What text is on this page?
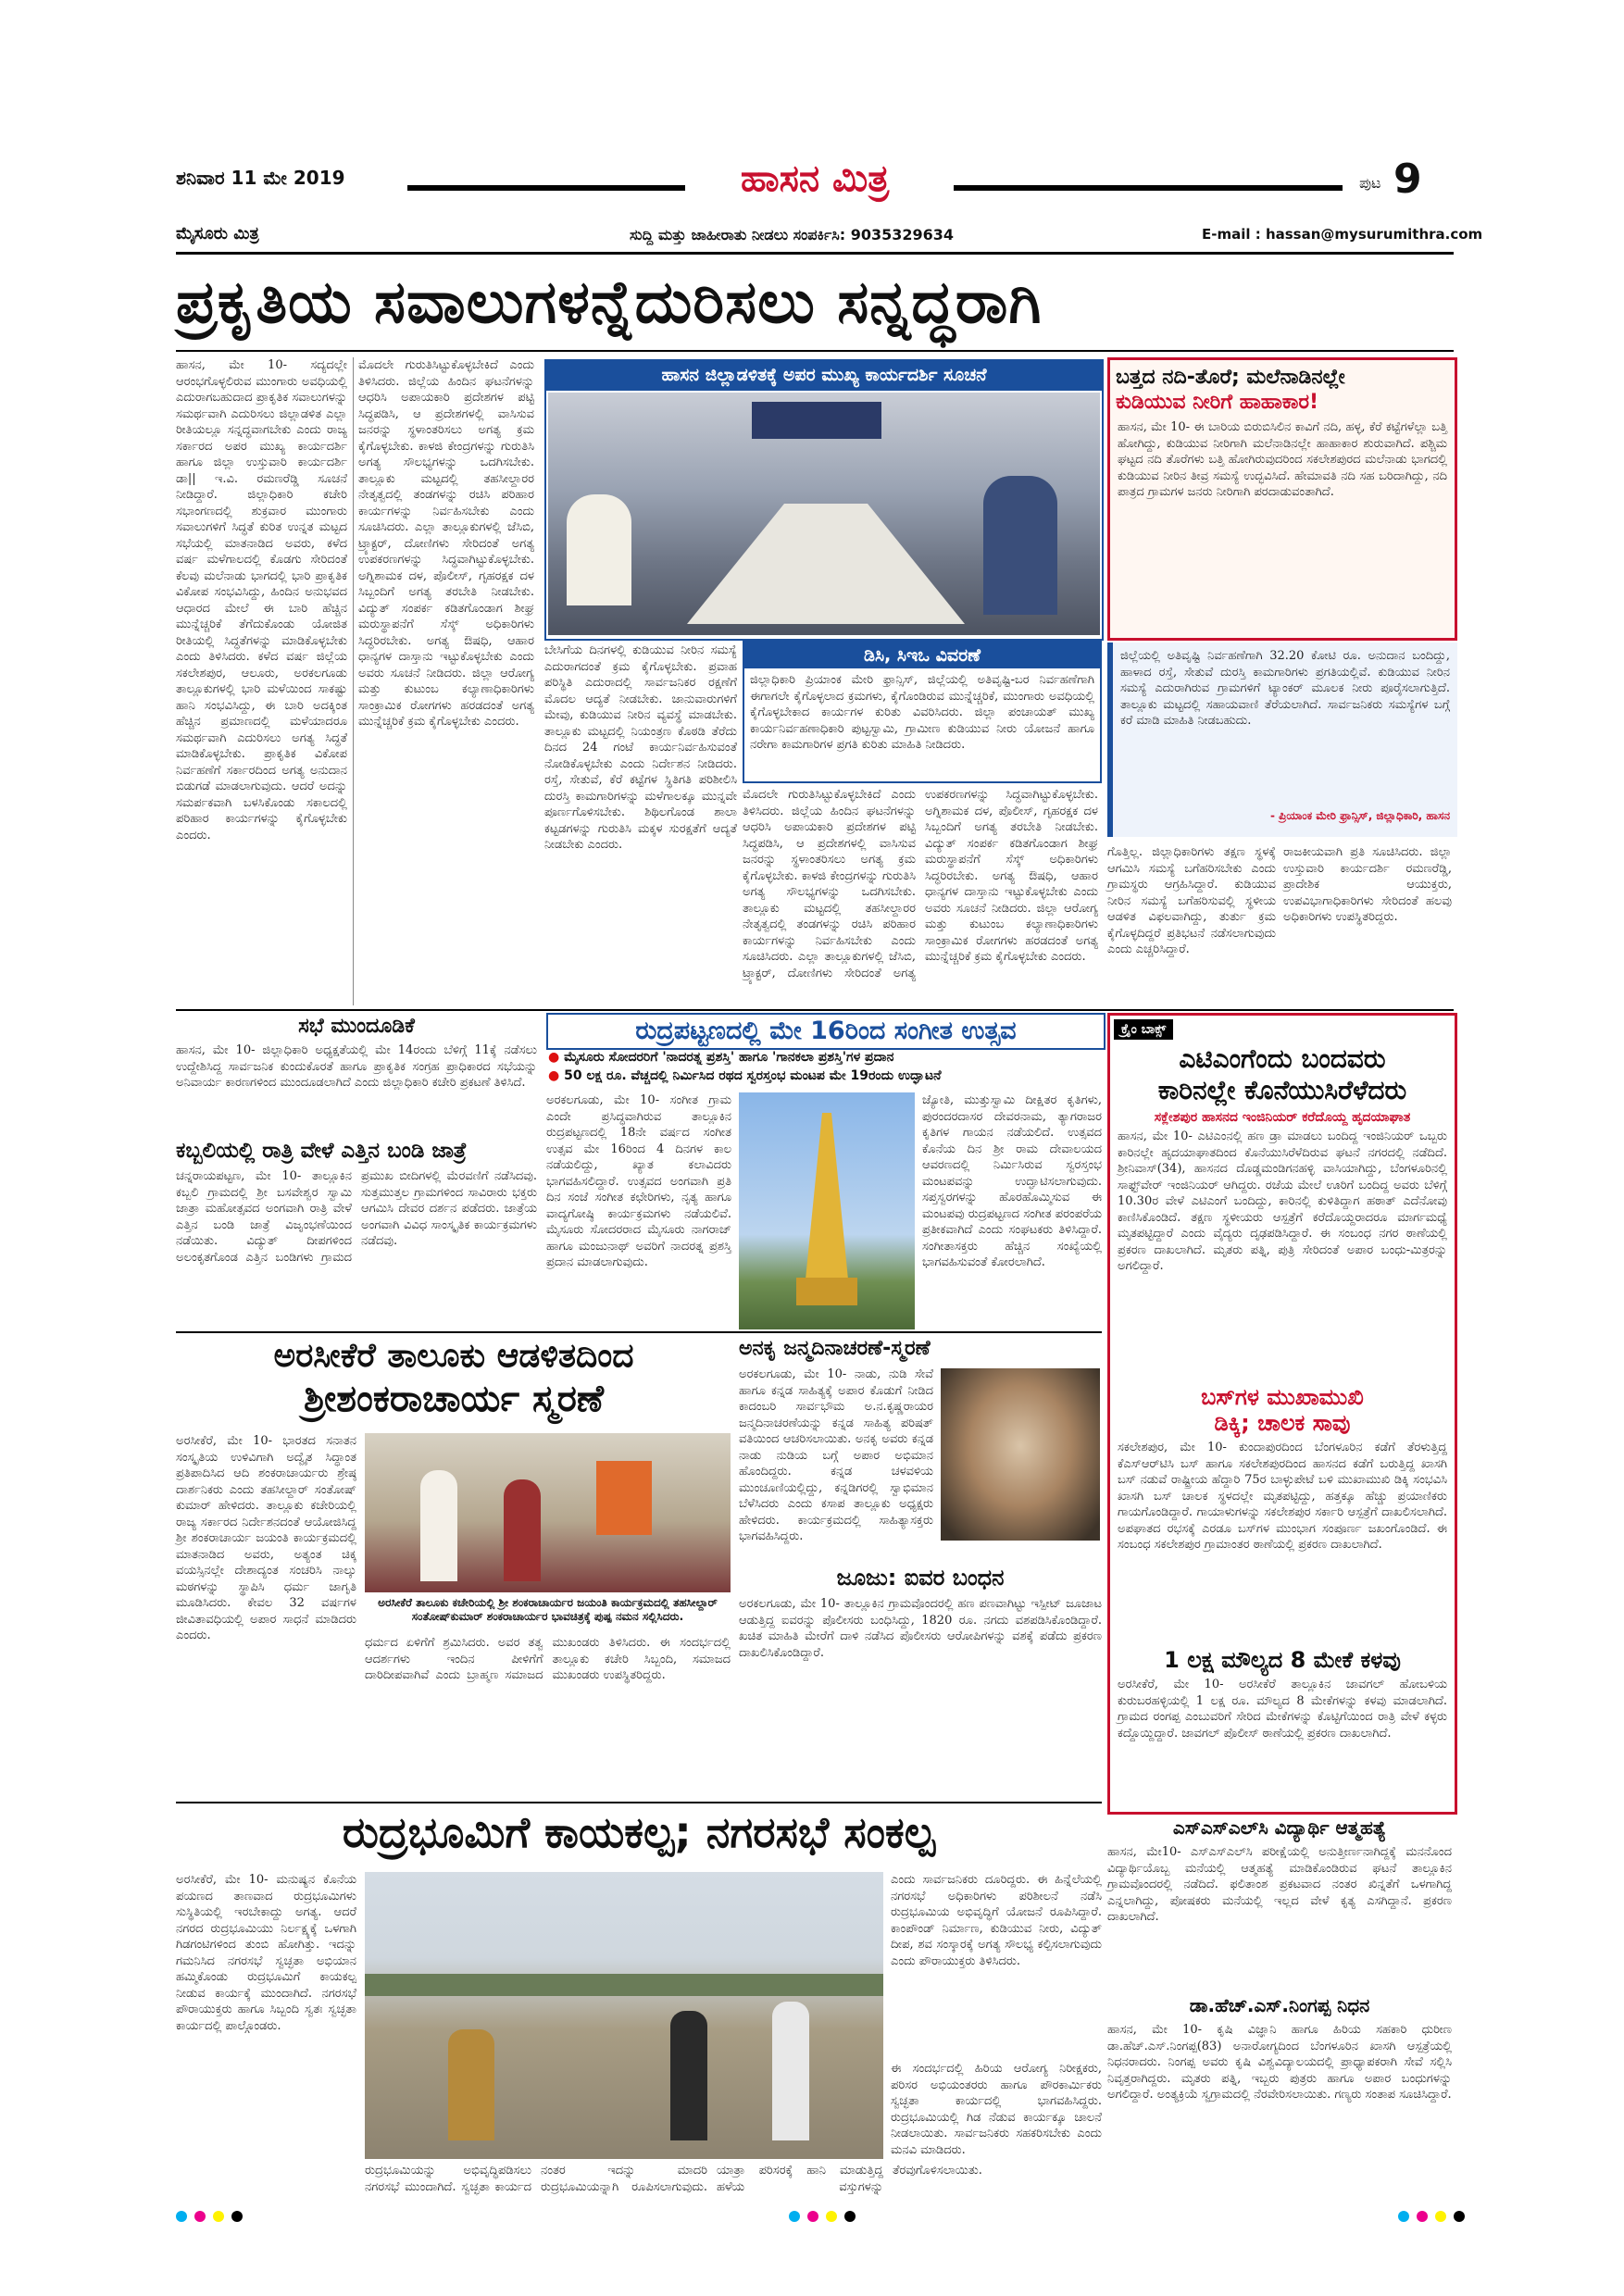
ಶನಿವಾರ 11 ಮೇ 2019	ಹಾಸನ ಮಿತ್ರ	ಪುಟ 9
ಮೈಸೂರು ಮಿತ್ರ	ಸುದ್ದಿ ಮತ್ತು ಜಾಹೀರಾತು ನೀಡಲು ಸಂಪರ್ಕಿಸಿ: 9035329634	E-mail : hassan@mysurumithra.com
ಪ್ರಕೃತಿಯ ಸವಾಲುಗಳನ್ನೆದುರಿಸಲು ಸನ್ನದ್ಧರಾಗಿ
ಹಾಸನ, ಮೇ 10- ಸದ್ಯದಲ್ಲೇ ಆರಂಭಗೊಳ್ಳಲಿರುವ ಮುಂಗಾರು ಅವಧಿಯಲ್ಲಿ ಎದುರಾಗಬಹುದಾದ ಪ್ರಾಕೃತಿಕ ಸವಾಲುಗಳನ್ನು ಸಮರ್ಥವಾಗಿ ಎದುರಿಸಲು ಜಿಲ್ಲಾಡಳಿತ ಎಲ್ಲಾ ರೀತಿಯಲ್ಲೂ ಸನ್ನದ್ಧವಾಗಬೇಕು ಎಂದು ರಾಜ್ಯ ಸರ್ಕಾರದ ಅಪರ ಮುಖ್ಯ ಕಾರ್ಯದರ್ಶಿ ಹಾಗೂ ಜಿಲ್ಲಾ ಉಸ್ತುವಾರಿ ಕಾರ್ಯದರ್ಶಿ ಡಾ|| ಇ.ವಿ. ರಮಣರೆಡ್ಡಿ ಸೂಚನೆ ನೀಡಿದ್ದಾರೆ. ಜಿಲ್ಲಾಧಿಕಾರಿ ಕಚೇರಿ ಸಭಾಂಗಣದಲ್ಲಿ ಶುಕ್ರವಾರ ಮುಂಗಾರು ಸವಾಲುಗಳಿಗೆ ಸಿದ್ಧತೆ ಕುರಿತ ಉನ್ನತ ಮಟ್ಟದ ಸಭೆಯಲ್ಲಿ ಮಾತನಾಡಿದ ಅವರು, ಕಳೆದ ವರ್ಷ ಮಳೆಗಾಲದಲ್ಲಿ ಕೊಡಗು ಸೇರಿದಂತೆ ಕೆಲವು ಮಲೆನಾಡು ಭಾಗದಲ್ಲಿ ಭಾರಿ ಪ್ರಾಕೃತಿಕ ವಿಕೋಪ ಸಂಭವಿಸಿದ್ದು, ಹಿಂದಿನ ಅನುಭವದ ಆಧಾರದ ಮೇಲೆ ಈ ಬಾರಿ ಹೆಚ್ಚಿನ ಮುನ್ನೆಚ್ಚರಿಕೆ ತೆಗೆದುಕೊಂಡು ಯೋಜಿತ ರೀತಿಯಲ್ಲಿ ಸಿದ್ಧತೆಗಳನ್ನು ಮಾಡಿಕೊಳ್ಳಬೇಕು ಎಂದು ತಿಳಿಸಿದರು. ಕಳೆದ ವರ್ಷ ಜಿಲ್ಲೆಯ ಸಕಲೇಶಪುರ, ಆಲೂರು, ಅರಕಲಗೂಡು ತಾಲ್ಲೂಕುಗಳಲ್ಲಿ ಭಾರಿ ಮಳೆಯಿಂದ ಸಾಕಷ್ಟು ಹಾನಿ ಸಂಭವಿಸಿದ್ದು, ಈ ಬಾರಿ ಅದಕ್ಕಿಂತ ಹೆಚ್ಚಿನ ಪ್ರಮಾಣದಲ್ಲಿ ಮಳೆಯಾದರೂ ಸಮರ್ಥವಾಗಿ ಎದುರಿಸಲು ಅಗತ್ಯ ಸಿದ್ಧತೆ ಮಾಡಿಕೊಳ್ಳಬೇಕು. ಪ್ರಾಕೃತಿಕ ವಿಕೋಪ ನಿರ್ವಹಣೆಗೆ ಸರ್ಕಾರದಿಂದ ಅಗತ್ಯ ಅನುದಾನ ಬಿಡುಗಡೆ ಮಾಡಲಾಗುವುದು. ಆದರೆ ಅದನ್ನು ಸಮರ್ಪಕವಾಗಿ ಬಳಸಿಕೊಂಡು ಸಕಾಲದಲ್ಲಿ ಪರಿಹಾರ ಕಾರ್ಯಗಳನ್ನು ಕೈಗೊಳ್ಳಬೇಕು ಎಂದರು.
ಮೊದಲೇ ಗುರುತಿಸಿಟ್ಟುಕೊಳ್ಳಬೇಕಿದೆ ಎಂದು ತಿಳಿಸಿದರು. ಜಿಲ್ಲೆಯ ಹಿಂದಿನ ಘಟನೆಗಳನ್ನು ಆಧರಿಸಿ ಅಪಾಯಕಾರಿ ಪ್ರದೇಶಗಳ ಪಟ್ಟಿ ಸಿದ್ಧಪಡಿಸಿ, ಆ ಪ್ರದೇಶಗಳಲ್ಲಿ ವಾಸಿಸುವ ಜನರನ್ನು ಸ್ಥಳಾಂತರಿಸಲು ಅಗತ್ಯ ಕ್ರಮ ಕೈಗೊಳ್ಳಬೇಕು. ಕಾಳಜಿ ಕೇಂದ್ರಗಳನ್ನು ಗುರುತಿಸಿ ಅಗತ್ಯ ಸೌಲಭ್ಯಗಳನ್ನು ಒದಗಿಸಬೇಕು. ತಾಲ್ಲೂಕು ಮಟ್ಟದಲ್ಲಿ ತಹಸೀಲ್ದಾರರ ನೇತೃತ್ವದಲ್ಲಿ ತಂಡಗಳನ್ನು ರಚಿಸಿ ಪರಿಹಾರ ಕಾರ್ಯಗಳನ್ನು ನಿರ್ವಹಿಸಬೇಕು ಎಂದು ಸೂಚಿಸಿದರು. ಎಲ್ಲಾ ತಾಲ್ಲೂಕುಗಳಲ್ಲಿ ಜೆಸಿಬಿ, ಟ್ರ್ಯಾಕ್ಟರ್, ದೋಣಿಗಳು ಸೇರಿದಂತೆ ಅಗತ್ಯ ಉಪಕರಣಗಳನ್ನು ಸಿದ್ಧವಾಗಿಟ್ಟುಕೊಳ್ಳಬೇಕು. ಅಗ್ನಿಶಾಮಕ ದಳ, ಪೊಲೀಸ್, ಗೃಹರಕ್ಷಕ ದಳ ಸಿಬ್ಬಂದಿಗೆ ಅಗತ್ಯ ತರಬೇತಿ ನೀಡಬೇಕು. ವಿದ್ಯುತ್ ಸಂಪರ್ಕ ಕಡಿತಗೊಂಡಾಗ ಶೀಘ್ರ ಮರುಸ್ಥಾಪನೆಗೆ ಸೆಸ್ಕ್ ಅಧಿಕಾರಿಗಳು ಸಿದ್ಧರಿರಬೇಕು. ಅಗತ್ಯ ಔಷಧಿ, ಆಹಾರ ಧಾನ್ಯಗಳ ದಾಸ್ತಾನು ಇಟ್ಟುಕೊಳ್ಳಬೇಕು ಎಂದು ಅವರು ಸೂಚನೆ ನೀಡಿದರು. ಜಿಲ್ಲಾ ಆರೋಗ್ಯ ಮತ್ತು ಕುಟುಂಬ ಕಲ್ಯಾಣಾಧಿಕಾರಿಗಳು ಸಾಂಕ್ರಾಮಿಕ ರೋಗಗಳು ಹರಡದಂತೆ ಅಗತ್ಯ ಮುನ್ನೆಚ್ಚರಿಕೆ ಕ್ರಮ ಕೈಗೊಳ್ಳಬೇಕು ಎಂದರು.
ಹಾಸನ ಜಿಲ್ಲಾಡಳಿತಕ್ಕೆ ಅಪರ ಮುಖ್ಯ ಕಾರ್ಯದರ್ಶಿ ಸೂಚನೆ
ಬೇಸಿಗೆಯ ದಿನಗಳಲ್ಲಿ ಕುಡಿಯುವ ನೀರಿನ ಸಮಸ್ಯೆ ಎದುರಾಗದಂತೆ ಕ್ರಮ ಕೈಗೊಳ್ಳಬೇಕು. ಪ್ರವಾಹ ಪರಿಸ್ಥಿತಿ ಎದುರಾದಲ್ಲಿ ಸಾರ್ವಜನಿಕರ ರಕ್ಷಣೆಗೆ ಮೊದಲ ಆದ್ಯತೆ ನೀಡಬೇಕು. ಜಾನುವಾರುಗಳಿಗೆ ಮೇವು, ಕುಡಿಯುವ ನೀರಿನ ವ್ಯವಸ್ಥೆ ಮಾಡಬೇಕು. ತಾಲ್ಲೂಕು ಮಟ್ಟದಲ್ಲಿ ನಿಯಂತ್ರಣ ಕೊಠಡಿ ತೆರೆದು ದಿನದ 24 ಗಂಟೆ ಕಾರ್ಯನಿರ್ವಹಿಸುವಂತೆ ನೋಡಿಕೊಳ್ಳಬೇಕು ಎಂದು ನಿರ್ದೇಶನ ನೀಡಿದರು. ರಸ್ತೆ, ಸೇತುವೆ, ಕೆರೆ ಕಟ್ಟೆಗಳ ಸ್ಥಿತಿಗತಿ ಪರಿಶೀಲಿಸಿ ದುರಸ್ತಿ ಕಾಮಗಾರಿಗಳನ್ನು ಮಳೆಗಾಲಕ್ಕೂ ಮುನ್ನವೇ ಪೂರ್ಣಗೊಳಿಸಬೇಕು. ಶಿಥಿಲಗೊಂಡ ಶಾಲಾ ಕಟ್ಟಡಗಳನ್ನು ಗುರುತಿಸಿ ಮಕ್ಕಳ ಸುರಕ್ಷತೆಗೆ ಆದ್ಯತೆ ನೀಡಬೇಕು ಎಂದರು.
ಡಿಸಿ, ಸಿಇಒ ವಿವರಣೆ
ಜಿಲ್ಲಾಧಿಕಾರಿ ಪ್ರಿಯಾಂಕ ಮೇರಿ ಫ್ರಾನ್ಸಿಸ್, ಜಿಲ್ಲೆಯಲ್ಲಿ ಅತಿವೃಷ್ಟಿ-ಬರ ನಿರ್ವಹಣೆಗಾಗಿ ಈಗಾಗಲೇ ಕೈಗೊಳ್ಳಲಾದ ಕ್ರಮಗಳು, ಕೈಗೊಂಡಿರುವ ಮುನ್ನೆಚ್ಚರಿಕೆ, ಮುಂಗಾರು ಅವಧಿಯಲ್ಲಿ ಕೈಗೊಳ್ಳಬೇಕಾದ ಕಾರ್ಯಗಳ ಕುರಿತು ವಿವರಿಸಿದರು. ಜಿಲ್ಲಾ ಪಂಚಾಯತ್ ಮುಖ್ಯ ಕಾರ್ಯನಿರ್ವಹಣಾಧಿಕಾರಿ ಪುಟ್ಟಸ್ವಾಮಿ, ಗ್ರಾಮೀಣ ಕುಡಿಯುವ ನೀರು ಯೋಜನೆ ಹಾಗೂ ನರೇಗಾ ಕಾಮಗಾರಿಗಳ ಪ್ರಗತಿ ಕುರಿತು ಮಾಹಿತಿ ನೀಡಿದರು.
ಮೊದಲೇ ಗುರುತಿಸಿಟ್ಟುಕೊಳ್ಳಬೇಕಿದೆ ಎಂದು ತಿಳಿಸಿದರು. ಜಿಲ್ಲೆಯ ಹಿಂದಿನ ಘಟನೆಗಳನ್ನು ಆಧರಿಸಿ ಅಪಾಯಕಾರಿ ಪ್ರದೇಶಗಳ ಪಟ್ಟಿ ಸಿದ್ಧಪಡಿಸಿ, ಆ ಪ್ರದೇಶಗಳಲ್ಲಿ ವಾಸಿಸುವ ಜನರನ್ನು ಸ್ಥಳಾಂತರಿಸಲು ಅಗತ್ಯ ಕ್ರಮ ಕೈಗೊಳ್ಳಬೇಕು. ಕಾಳಜಿ ಕೇಂದ್ರಗಳನ್ನು ಗುರುತಿಸಿ ಅಗತ್ಯ ಸೌಲಭ್ಯಗಳನ್ನು ಒದಗಿಸಬೇಕು. ತಾಲ್ಲೂಕು ಮಟ್ಟದಲ್ಲಿ ತಹಸೀಲ್ದಾರರ ನೇತೃತ್ವದಲ್ಲಿ ತಂಡಗಳನ್ನು ರಚಿಸಿ ಪರಿಹಾರ ಕಾರ್ಯಗಳನ್ನು ನಿರ್ವಹಿಸಬೇಕು ಎಂದು ಸೂಚಿಸಿದರು. ಎಲ್ಲಾ ತಾಲ್ಲೂಕುಗಳಲ್ಲಿ ಜೆಸಿಬಿ, ಟ್ರ್ಯಾಕ್ಟರ್, ದೋಣಿಗಳು ಸೇರಿದಂತೆ ಅಗತ್ಯ ಉಪಕರಣಗಳನ್ನು ಸಿದ್ಧವಾಗಿಟ್ಟುಕೊಳ್ಳಬೇಕು. ಅಗ್ನಿಶಾಮಕ ದಳ, ಪೊಲೀಸ್, ಗೃಹರಕ್ಷಕ ದಳ ಸಿಬ್ಬಂದಿಗೆ ಅಗತ್ಯ ತರಬೇತಿ ನೀಡಬೇಕು. ವಿದ್ಯುತ್ ಸಂಪರ್ಕ ಕಡಿತಗೊಂಡಾಗ ಶೀಘ್ರ ಮರುಸ್ಥಾಪನೆಗೆ ಸೆಸ್ಕ್ ಅಧಿಕಾರಿಗಳು ಸಿದ್ಧರಿರಬೇಕು. ಅಗತ್ಯ ಔಷಧಿ, ಆಹಾರ ಧಾನ್ಯಗಳ ದಾಸ್ತಾನು ಇಟ್ಟುಕೊಳ್ಳಬೇಕು ಎಂದು ಅವರು ಸೂಚನೆ ನೀಡಿದರು. ಜಿಲ್ಲಾ ಆರೋಗ್ಯ ಮತ್ತು ಕುಟುಂಬ ಕಲ್ಯಾಣಾಧಿಕಾರಿಗಳು ಸಾಂಕ್ರಾಮಿಕ ರೋಗಗಳು ಹರಡದಂತೆ ಅಗತ್ಯ ಮುನ್ನೆಚ್ಚರಿಕೆ ಕ್ರಮ ಕೈಗೊಳ್ಳಬೇಕು ಎಂದರು.
ಬತ್ತದ ನದಿ-ತೊರೆ; ಮಲೆನಾಡಿನಲ್ಲೇ
ಕುಡಿಯುವ ನೀರಿಗೆ ಹಾಹಾಕಾರ!
ಹಾಸನ, ಮೇ 10- ಈ ಬಾರಿಯ ಬಿರುಬಿಸಿಲಿನ ಕಾವಿಗೆ ನದಿ, ಹಳ್ಳ, ಕೆರೆ ಕಟ್ಟೆಗಳೆಲ್ಲಾ ಬತ್ತಿ ಹೋಗಿದ್ದು, ಕುಡಿಯುವ ನೀರಿಗಾಗಿ ಮಲೆನಾಡಿನಲ್ಲೇ ಹಾಹಾಕಾರ ಶುರುವಾಗಿದೆ. ಪಶ್ಚಿಮ ಘಟ್ಟದ ನದಿ ತೊರೆಗಳು ಬತ್ತಿ ಹೋಗಿರುವುದರಿಂದ ಸಕಲೇಶಪುರದ ಮಲೆನಾಡು ಭಾಗದಲ್ಲಿ ಕುಡಿಯುವ ನೀರಿನ ತೀವ್ರ ಸಮಸ್ಯೆ ಉದ್ಭವಿಸಿದೆ. ಹೇಮಾವತಿ ನದಿ ಸಹ ಬರಿದಾಗಿದ್ದು, ನದಿ ಪಾತ್ರದ ಗ್ರಾಮಗಳ ಜನರು ನೀರಿಗಾಗಿ ಪರದಾಡುವಂತಾಗಿದೆ.
ಜಿಲ್ಲೆಯಲ್ಲಿ ಅತಿವೃಷ್ಟಿ ನಿರ್ವಹಣೆಗಾಗಿ 32.20 ಕೋಟಿ ರೂ. ಅನುದಾನ ಬಂದಿದ್ದು, ಹಾಳಾದ ರಸ್ತೆ, ಸೇತುವೆ ದುರಸ್ತಿ ಕಾಮಗಾರಿಗಳು ಪ್ರಗತಿಯಲ್ಲಿವೆ. ಕುಡಿಯುವ ನೀರಿನ ಸಮಸ್ಯೆ ಎದುರಾಗಿರುವ ಗ್ರಾಮಗಳಿಗೆ ಟ್ಯಾಂಕರ್ ಮೂಲಕ ನೀರು ಪೂರೈಸಲಾಗುತ್ತಿದೆ. ತಾಲ್ಲೂಕು ಮಟ್ಟದಲ್ಲಿ ಸಹಾಯವಾಣಿ ತೆರೆಯಲಾಗಿದೆ. ಸಾರ್ವಜನಿಕರು ಸಮಸ್ಯೆಗಳ ಬಗ್ಗೆ ಕರೆ ಮಾಡಿ ಮಾಹಿತಿ ನೀಡಬಹುದು.
- ಪ್ರಿಯಾಂಕ ಮೇರಿ ಫ್ರಾನ್ಸಿಸ್, ಜಿಲ್ಲಾಧಿಕಾರಿ, ಹಾಸನ
ಗೊತ್ತಿಲ್ಲ. ಜಿಲ್ಲಾಧಿಕಾರಿಗಳು ತಕ್ಷಣ ಸ್ಥಳಕ್ಕೆ ಆಗಮಿಸಿ ಸಮಸ್ಯೆ ಬಗೆಹರಿಸಬೇಕು ಎಂದು ಗ್ರಾಮಸ್ಥರು ಆಗ್ರಹಿಸಿದ್ದಾರೆ. ಕುಡಿಯುವ ನೀರಿನ ಸಮಸ್ಯೆ ಬಗೆಹರಿಸುವಲ್ಲಿ ಸ್ಥಳೀಯ ಆಡಳಿತ ವಿಫಲವಾಗಿದ್ದು, ತುರ್ತು ಕ್ರಮ ಕೈಗೊಳ್ಳದಿದ್ದರೆ ಪ್ರತಿಭಟನೆ ನಡೆಸಲಾಗುವುದು ಎಂದು ಎಚ್ಚರಿಸಿದ್ದಾರೆ.
ರಾಜಕೀಯವಾಗಿ ಪ್ರತಿ ಸೂಚಿಸಿದರು. ಜಿಲ್ಲಾ ಉಸ್ತುವಾರಿ ಕಾರ್ಯದರ್ಶಿ ರಮಣರೆಡ್ಡಿ, ಪ್ರಾದೇಶಿಕ ಆಯುಕ್ತರು, ಉಪವಿಭಾಗಾಧಿಕಾರಿಗಳು ಸೇರಿದಂತೆ ಹಲವು ಅಧಿಕಾರಿಗಳು ಉಪಸ್ಥಿತರಿದ್ದರು.
ಸಭೆ ಮುಂದೂಡಿಕೆ
ಹಾಸನ, ಮೇ 10- ಜಿಲ್ಲಾಧಿಕಾರಿ ಅಧ್ಯಕ್ಷತೆಯಲ್ಲಿ ಮೇ 14ರಂದು ಬೆಳಿಗ್ಗೆ 11ಕ್ಕೆ ನಡೆಸಲು ಉದ್ದೇಶಿಸಿದ್ದ ಸಾರ್ವಜನಿಕ ಕುಂದುಕೊರತೆ ಹಾಗೂ ಪ್ರಾಕೃತಿಕ ಸಂಗ್ರಹ ಪ್ರಾಧಿಕಾರದ ಸಭೆಯನ್ನು ಅನಿವಾರ್ಯ ಕಾರಣಗಳಿಂದ ಮುಂದೂಡಲಾಗಿದೆ ಎಂದು ಜಿಲ್ಲಾಧಿಕಾರಿ ಕಚೇರಿ ಪ್ರಕಟಣೆ ತಿಳಿಸಿದೆ.
ಕಬ್ಬಲಿಯಲ್ಲಿ ರಾತ್ರಿ ವೇಳೆ ಎತ್ತಿನ ಬಂಡಿ ಜಾತ್ರೆ
ಚನ್ನರಾಯಪಟ್ಟಣ, ಮೇ 10- ತಾಲ್ಲೂಕಿನ ಕಬ್ಬಲಿ ಗ್ರಾಮದಲ್ಲಿ ಶ್ರೀ ಬಸವೇಶ್ವರ ಸ್ವಾಮಿ ಜಾತ್ರಾ ಮಹೋತ್ಸವದ ಅಂಗವಾಗಿ ರಾತ್ರಿ ವೇಳೆ ಎತ್ತಿನ ಬಂಡಿ ಜಾತ್ರೆ ವಿಜೃಂಭಣೆಯಿಂದ ನಡೆಯಿತು. ವಿದ್ಯುತ್ ದೀಪಗಳಿಂದ ಅಲಂಕೃತಗೊಂಡ ಎತ್ತಿನ ಬಂಡಿಗಳು ಗ್ರಾಮದ ಪ್ರಮುಖ ಬೀದಿಗಳಲ್ಲಿ ಮೆರವಣಿಗೆ ನಡೆಸಿದವು. ಸುತ್ತಮುತ್ತಲ ಗ್ರಾಮಗಳಿಂದ ಸಾವಿರಾರು ಭಕ್ತರು ಆಗಮಿಸಿ ದೇವರ ದರ್ಶನ ಪಡೆದರು. ಜಾತ್ರೆಯ ಅಂಗವಾಗಿ ವಿವಿಧ ಸಾಂಸ್ಕೃತಿಕ ಕಾರ್ಯಕ್ರಮಗಳು ನಡೆದವು.
ರುದ್ರಪಟ್ಟಣದಲ್ಲಿ ಮೇ 16ರಿಂದ ಸಂಗೀತ ಉತ್ಸವ
● ಮೈಸೂರು ಸೋದರರಿಗೆ 'ನಾದರತ್ನ ಪ್ರಶಸ್ತಿ' ಹಾಗೂ 'ಗಾನಕಲಾ ಪ್ರಶಸ್ತಿ'ಗಳ ಪ್ರದಾನ
● 50 ಲಕ್ಷ ರೂ. ವೆಚ್ಚದಲ್ಲಿ ನಿರ್ಮಿಸಿದ ರಥದ ಸ್ವರಸ್ತಂಭ ಮಂಟಪ ಮೇ 19ರಂದು ಉದ್ಘಾಟನೆ
ಅರಕಲಗೂಡು, ಮೇ 10- ಸಂಗೀತ ಗ್ರಾಮ ಎಂದೇ ಪ್ರಸಿದ್ಧವಾಗಿರುವ ತಾಲ್ಲೂಕಿನ ರುದ್ರಪಟ್ಟಣದಲ್ಲಿ 18ನೇ ವರ್ಷದ ಸಂಗೀತ ಉತ್ಸವ ಮೇ 16ರಿಂದ 4 ದಿನಗಳ ಕಾಲ ನಡೆಯಲಿದ್ದು, ಖ್ಯಾತ ಕಲಾವಿದರು ಭಾಗವಹಿಸಲಿದ್ದಾರೆ. ಉತ್ಸವದ ಅಂಗವಾಗಿ ಪ್ರತಿ ದಿನ ಸಂಜೆ ಸಂಗೀತ ಕಛೇರಿಗಳು, ನೃತ್ಯ ಹಾಗೂ ವಾದ್ಯಗೋಷ್ಠಿ ಕಾರ್ಯಕ್ರಮಗಳು ನಡೆಯಲಿವೆ. ಮೈಸೂರು ಸೋದರರಾದ ಮೈಸೂರು ನಾಗರಾಜ್ ಹಾಗೂ ಮಂಜುನಾಥ್ ಅವರಿಗೆ ನಾದರತ್ನ ಪ್ರಶಸ್ತಿ ಪ್ರದಾನ ಮಾಡಲಾಗುವುದು.
ಜ್ಯೋತಿ, ಮುತ್ತುಸ್ವಾಮಿ ದೀಕ್ಷಿತರ ಕೃತಿಗಳು, ಪುರಂದರದಾಸರ ದೇವರನಾಮ, ತ್ಯಾಗರಾಜರ ಕೃತಿಗಳ ಗಾಯನ ನಡೆಯಲಿದೆ. ಉತ್ಸವದ ಕೊನೆಯ ದಿನ ಶ್ರೀ ರಾಮ ದೇವಾಲಯದ ಆವರಣದಲ್ಲಿ ನಿರ್ಮಿಸಿರುವ ಸ್ವರಸ್ತಂಭ ಮಂಟಪವನ್ನು ಉದ್ಘಾಟಿಸಲಾಗುವುದು. ಸಪ್ತಸ್ವರಗಳನ್ನು ಹೊರಹೊಮ್ಮಿಸುವ ಈ ಮಂಟಪವು ರುದ್ರಪಟ್ಟಣದ ಸಂಗೀತ ಪರಂಪರೆಯ ಪ್ರತೀಕವಾಗಿದೆ ಎಂದು ಸಂಘಟಕರು ತಿಳಿಸಿದ್ದಾರೆ. ಸಂಗೀತಾಸಕ್ತರು ಹೆಚ್ಚಿನ ಸಂಖ್ಯೆಯಲ್ಲಿ ಭಾಗವಹಿಸುವಂತೆ ಕೋರಲಾಗಿದೆ.
ಕ್ರೈಂ ಬಾಕ್ಸ್
ಎಟಿಎಂಗೆಂದು ಬಂದವರು
ಕಾರಿನಲ್ಲೇ ಕೊನೆಯುಸಿರೆಳೆದರು
ಸಕ್ಲೇಶಪುರ ಹಾಸನದ ಇಂಜಿನಿಯರ್ ಕರೆದೊಯ್ದ ಹೃದಯಾಘಾತ
ಹಾಸನ, ಮೇ 10- ಎಟಿಎಂನಲ್ಲಿ ಹಣ ಡ್ರಾ ಮಾಡಲು ಬಂದಿದ್ದ ಇಂಜಿನಿಯರ್ ಒಬ್ಬರು ಕಾರಿನಲ್ಲೇ ಹೃದಯಾಘಾತದಿಂದ ಕೊನೆಯುಸಿರೆಳೆದಿರುವ ಘಟನೆ ನಗರದಲ್ಲಿ ನಡೆದಿದೆ. ಶ್ರೀನಿವಾಸ್(34), ಹಾಸನದ ದೊಡ್ಡಮಂಡಿಗನಹಳ್ಳಿ ವಾಸಿಯಾಗಿದ್ದು, ಬೆಂಗಳೂರಿನಲ್ಲಿ ಸಾಫ್ಟ್‌ವೇರ್ ಇಂಜಿನಿಯರ್ ಆಗಿದ್ದರು. ರಜೆಯ ಮೇಲೆ ಊರಿಗೆ ಬಂದಿದ್ದ ಅವರು ಬೆಳಿಗ್ಗೆ 10.30ರ ವೇಳೆ ಎಟಿಎಂಗೆ ಬಂದಿದ್ದು, ಕಾರಿನಲ್ಲಿ ಕುಳಿತಿದ್ದಾಗ ಹಠಾತ್ ಎದೆನೋವು ಕಾಣಿಸಿಕೊಂಡಿದೆ. ತಕ್ಷಣ ಸ್ಥಳೀಯರು ಆಸ್ಪತ್ರೆಗೆ ಕರೆದೊಯ್ದರಾದರೂ ಮಾರ್ಗಮಧ್ಯೆ ಮೃತಪಟ್ಟಿದ್ದಾರೆ ಎಂದು ವೈದ್ಯರು ದೃಢಪಡಿಸಿದ್ದಾರೆ. ಈ ಸಂಬಂಧ ನಗರ ಠಾಣೆಯಲ್ಲಿ ಪ್ರಕರಣ ದಾಖಲಾಗಿದೆ. ಮೃತರು ಪತ್ನಿ, ಪುತ್ರಿ ಸೇರಿದಂತೆ ಅಪಾರ ಬಂಧು-ಮಿತ್ರರನ್ನು ಅಗಲಿದ್ದಾರೆ.
ಬಸ್‌ಗಳ ಮುಖಾಮುಖಿ
ಡಿಕ್ಕಿ; ಚಾಲಕ ಸಾವು
ಸಕಲೇಶಪುರ, ಮೇ 10- ಕುಂದಾಪುರದಿಂದ ಬೆಂಗಳೂರಿನ ಕಡೆಗೆ ತೆರಳುತ್ತಿದ್ದ ಕೆಎಸ್‌ಆರ್‌ಟಿಸಿ ಬಸ್ ಹಾಗೂ ಸಕಲೇಶಪುರದಿಂದ ಹಾಸನದ ಕಡೆಗೆ ಬರುತ್ತಿದ್ದ ಖಾಸಗಿ ಬಸ್ ನಡುವೆ ರಾಷ್ಟ್ರೀಯ ಹೆದ್ದಾರಿ 75ರ ಬಾಳ್ಳುಪೇಟೆ ಬಳಿ ಮುಖಾಮುಖಿ ಡಿಕ್ಕಿ ಸಂಭವಿಸಿ ಖಾಸಗಿ ಬಸ್ ಚಾಲಕ ಸ್ಥಳದಲ್ಲೇ ಮೃತಪಟ್ಟಿದ್ದು, ಹತ್ತಕ್ಕೂ ಹೆಚ್ಚು ಪ್ರಯಾಣಿಕರು ಗಾಯಗೊಂಡಿದ್ದಾರೆ. ಗಾಯಾಳುಗಳನ್ನು ಸಕಲೇಶಪುರ ಸರ್ಕಾರಿ ಆಸ್ಪತ್ರೆಗೆ ದಾಖಲಿಸಲಾಗಿದೆ. ಅಪಘಾತದ ರಭಸಕ್ಕೆ ಎರಡೂ ಬಸ್‌ಗಳ ಮುಂಭಾಗ ಸಂಪೂರ್ಣ ಜಖಂಗೊಂಡಿದೆ. ಈ ಸಂಬಂಧ ಸಕಲೇಶಪುರ ಗ್ರಾಮಾಂತರ ಠಾಣೆಯಲ್ಲಿ ಪ್ರಕರಣ ದಾಖಲಾಗಿದೆ.
1 ಲಕ್ಷ ಮೌಲ್ಯದ 8 ಮೇಕೆ ಕಳವು
ಅರಸೀಕೆರೆ, ಮೇ 10- ಅರಸೀಕೆರೆ ತಾಲ್ಲೂಕಿನ ಜಾವಗಲ್ ಹೋಬಳಿಯ ಕುರುಬರಹಳ್ಳಿಯಲ್ಲಿ 1 ಲಕ್ಷ ರೂ. ಮೌಲ್ಯದ 8 ಮೇಕೆಗಳನ್ನು ಕಳವು ಮಾಡಲಾಗಿದೆ. ಗ್ರಾಮದ ರಂಗಪ್ಪ ಎಂಬುವರಿಗೆ ಸೇರಿದ ಮೇಕೆಗಳನ್ನು ಕೊಟ್ಟಿಗೆಯಿಂದ ರಾತ್ರಿ ವೇಳೆ ಕಳ್ಳರು ಕದ್ದೊಯ್ದಿದ್ದಾರೆ. ಜಾವಗಲ್ ಪೊಲೀಸ್ ಠಾಣೆಯಲ್ಲಿ ಪ್ರಕರಣ ದಾಖಲಾಗಿದೆ.
ಅರಸೀಕೆರೆ ತಾಲೂಕು ಆಡಳಿತದಿಂದ
ಶ್ರೀಶಂಕರಾಚಾರ್ಯ ಸ್ಮರಣೆ
ಅರಸೀಕೆರೆ, ಮೇ 10- ಭಾರತದ ಸನಾತನ ಸಂಸ್ಕೃತಿಯ ಉಳಿವಿಗಾಗಿ ಅದ್ವೈತ ಸಿದ್ಧಾಂತ ಪ್ರತಿಪಾದಿಸಿದ ಆದಿ ಶಂಕರಾಚಾರ್ಯರು ಶ್ರೇಷ್ಠ ದಾರ್ಶನಿಕರು ಎಂದು ತಹಸೀಲ್ದಾರ್ ಸಂತೋಷ್ ಕುಮಾರ್ ಹೇಳಿದರು. ತಾಲ್ಲೂಕು ಕಚೇರಿಯಲ್ಲಿ ರಾಜ್ಯ ಸರ್ಕಾರದ ನಿರ್ದೇಶನದಂತೆ ಆಯೋಜಿಸಿದ್ದ ಶ್ರೀ ಶಂಕರಾಚಾರ್ಯ ಜಯಂತಿ ಕಾರ್ಯಕ್ರಮದಲ್ಲಿ ಮಾತನಾಡಿದ ಅವರು, ಅತ್ಯಂತ ಚಿಕ್ಕ ವಯಸ್ಸಿನಲ್ಲೇ ದೇಶಾದ್ಯಂತ ಸಂಚರಿಸಿ ನಾಲ್ಕು ಮಠಗಳನ್ನು ಸ್ಥಾಪಿಸಿ ಧರ್ಮ ಜಾಗೃತಿ ಮೂಡಿಸಿದರು. ಕೇವಲ 32 ವರ್ಷಗಳ ಜೀವಿತಾವಧಿಯಲ್ಲಿ ಅಪಾರ ಸಾಧನೆ ಮಾಡಿದರು ಎಂದರು.
ಅರಸೀಕೆರೆ ತಾಲೂಕು ಕಚೇರಿಯಲ್ಲಿ ಶ್ರೀ ಶಂಕರಾಚಾರ್ಯರ ಜಯಂತಿ ಕಾರ್ಯಕ್ರಮದಲ್ಲಿ ತಹಸೀಲ್ದಾರ್ ಸಂತೋಷ್‌ಕುಮಾರ್ ಶಂಕರಾಚಾರ್ಯರ ಭಾವಚಿತ್ರಕ್ಕೆ ಪುಷ್ಪ ನಮನ ಸಲ್ಲಿಸಿದರು.
ಧರ್ಮದ ಏಳಿಗೆಗೆ ಶ್ರಮಿಸಿದರು. ಅವರ ತತ್ವ ಆದರ್ಶಗಳು ಇಂದಿನ ಪೀಳಿಗೆಗೆ ದಾರಿದೀಪವಾಗಿವೆ ಎಂದು ಬ್ರಾಹ್ಮಣ ಸಮಾಜದ ಮುಖಂಡರು ತಿಳಿಸಿದರು. ಈ ಸಂದರ್ಭದಲ್ಲಿ ತಾಲ್ಲೂಕು ಕಚೇರಿ ಸಿಬ್ಬಂದಿ, ಸಮಾಜದ ಮುಖಂಡರು ಉಪಸ್ಥಿತರಿದ್ದರು.
ಅನಕೃ ಜನ್ಮದಿನಾಚರಣೆ-ಸ್ಮರಣೆ
ಅರಕಲಗೂಡು, ಮೇ 10- ನಾಡು, ನುಡಿ ಸೇವೆ ಹಾಗೂ ಕನ್ನಡ ಸಾಹಿತ್ಯಕ್ಕೆ ಅಪಾರ ಕೊಡುಗೆ ನೀಡಿದ ಕಾದಂಬರಿ ಸಾರ್ವಭೌಮ ಅ.ನ.ಕೃಷ್ಣರಾಯರ ಜನ್ಮದಿನಾಚರಣೆಯನ್ನು ಕನ್ನಡ ಸಾಹಿತ್ಯ ಪರಿಷತ್ ವತಿಯಿಂದ ಆಚರಿಸಲಾಯಿತು. ಅನಕೃ ಅವರು ಕನ್ನಡ ನಾಡು ನುಡಿಯ ಬಗ್ಗೆ ಅಪಾರ ಅಭಿಮಾನ ಹೊಂದಿದ್ದರು. ಕನ್ನಡ ಚಳವಳಿಯ ಮುಂಚೂಣಿಯಲ್ಲಿದ್ದು, ಕನ್ನಡಿಗರಲ್ಲಿ ಸ್ವಾಭಿಮಾನ ಬೆಳೆಸಿದರು ಎಂದು ಕಸಾಪ ತಾಲ್ಲೂಕು ಅಧ್ಯಕ್ಷರು ಹೇಳಿದರು. ಕಾರ್ಯಕ್ರಮದಲ್ಲಿ ಸಾಹಿತ್ಯಾಸಕ್ತರು ಭಾಗವಹಿಸಿದ್ದರು.
ಜೂಜು: ಐವರ ಬಂಧನ
ಅರಕಲಗೂಡು, ಮೇ 10- ತಾಲ್ಲೂಕಿನ ಗ್ರಾಮವೊಂದರಲ್ಲಿ ಹಣ ಪಣವಾಗಿಟ್ಟು ಇಸ್ಪೀಟ್ ಜೂಜಾಟ ಆಡುತ್ತಿದ್ದ ಐವರನ್ನು ಪೊಲೀಸರು ಬಂಧಿಸಿದ್ದು, 1820 ರೂ. ನಗದು ವಶಪಡಿಸಿಕೊಂಡಿದ್ದಾರೆ. ಖಚಿತ ಮಾಹಿತಿ ಮೇರೆಗೆ ದಾಳಿ ನಡೆಸಿದ ಪೊಲೀಸರು ಆರೋಪಿಗಳನ್ನು ವಶಕ್ಕೆ ಪಡೆದು ಪ್ರಕರಣ ದಾಖಲಿಸಿಕೊಂಡಿದ್ದಾರೆ.
ರುದ್ರಭೂಮಿಗೆ ಕಾಯಕಲ್ಪ; ನಗರಸಭೆ ಸಂಕಲ್ಪ
ಅರಸೀಕೆರೆ, ಮೇ 10- ಮನುಷ್ಯನ ಕೊನೆಯ ಪಯಣದ ತಾಣವಾದ ರುದ್ರಭೂಮಿಗಳು ಸುಸ್ಥಿತಿಯಲ್ಲಿ ಇರಬೇಕಾದ್ದು ಅಗತ್ಯ. ಆದರೆ ನಗರದ ರುದ್ರಭೂಮಿಯು ನಿರ್ಲಕ್ಷ್ಯಕ್ಕೆ ಒಳಗಾಗಿ ಗಿಡಗಂಟಿಗಳಿಂದ ತುಂಬಿ ಹೋಗಿತ್ತು. ಇದನ್ನು ಗಮನಿಸಿದ ನಗರಸಭೆ ಸ್ವಚ್ಛತಾ ಅಭಿಯಾನ ಹಮ್ಮಿಕೊಂಡು ರುದ್ರಭೂಮಿಗೆ ಕಾಯಕಲ್ಪ ನೀಡುವ ಕಾರ್ಯಕ್ಕೆ ಮುಂದಾಗಿದೆ. ನಗರಸಭೆ ಪೌರಾಯುಕ್ತರು ಹಾಗೂ ಸಿಬ್ಬಂದಿ ಸ್ವತಃ ಸ್ವಚ್ಛತಾ ಕಾರ್ಯದಲ್ಲಿ ಪಾಲ್ಗೊಂಡರು.
ರುದ್ರಭೂಮಿಯನ್ನು ಅಭಿವೃದ್ಧಿಪಡಿಸಲು ನಗರಸಭೆ ಮುಂದಾಗಿದೆ. ಸ್ವಚ್ಛತಾ ಕಾರ್ಯದ ನಂತರ ಇದನ್ನು ಮಾದರಿ ರುದ್ರಭೂಮಿಯನ್ನಾಗಿ ರೂಪಿಸಲಾಗುವುದು. ಯಾತ್ರಾ ಪರಿಸರಕ್ಕೆ ಹಾನಿ ಮಾಡುತ್ತಿದ್ದ ಹಳೆಯ ವಸ್ತುಗಳನ್ನು ತೆರವುಗೊಳಿಸಲಾಯಿತು.
ಎಂದು ಸಾರ್ವಜನಿಕರು ದೂರಿದ್ದರು. ಈ ಹಿನ್ನೆಲೆಯಲ್ಲಿ ನಗರಸಭೆ ಅಧಿಕಾರಿಗಳು ಪರಿಶೀಲನೆ ನಡೆಸಿ ರುದ್ರಭೂಮಿಯ ಅಭಿವೃದ್ಧಿಗೆ ಯೋಜನೆ ರೂಪಿಸಿದ್ದಾರೆ. ಕಾಂಪೌಂಡ್ ನಿರ್ಮಾಣ, ಕುಡಿಯುವ ನೀರು, ವಿದ್ಯುತ್ ದೀಪ, ಶವ ಸಂಸ್ಕಾರಕ್ಕೆ ಅಗತ್ಯ ಸೌಲಭ್ಯ ಕಲ್ಪಿಸಲಾಗುವುದು ಎಂದು ಪೌರಾಯುಕ್ತರು ತಿಳಿಸಿದರು.
ಈ ಸಂದರ್ಭದಲ್ಲಿ ಹಿರಿಯ ಆರೋಗ್ಯ ನಿರೀಕ್ಷಕರು, ಪರಿಸರ ಅಭಿಯಂತರರು ಹಾಗೂ ಪೌರಕಾರ್ಮಿಕರು ಸ್ವಚ್ಛತಾ ಕಾರ್ಯದಲ್ಲಿ ಭಾಗವಹಿಸಿದ್ದರು. ರುದ್ರಭೂಮಿಯಲ್ಲಿ ಗಿಡ ನೆಡುವ ಕಾರ್ಯಕ್ಕೂ ಚಾಲನೆ ನೀಡಲಾಯಿತು. ಸಾರ್ವಜನಿಕರು ಸಹಕರಿಸಬೇಕು ಎಂದು ಮನವಿ ಮಾಡಿದರು.
ಎಸ್‌ಎಸ್‌ಎಲ್‌ಸಿ ವಿದ್ಯಾರ್ಥಿ ಆತ್ಮಹತ್ಯೆ
ಹಾಸನ, ಮೇ10- ಎಸ್‌ಎಸ್‌ಎಲ್‌ಸಿ ಪರೀಕ್ಷೆಯಲ್ಲಿ ಅನುತ್ತೀರ್ಣನಾಗಿದ್ದಕ್ಕೆ ಮನನೊಂದ ವಿದ್ಯಾರ್ಥಿಯೊಬ್ಬ ಮನೆಯಲ್ಲಿ ಆತ್ಮಹತ್ಯೆ ಮಾಡಿಕೊಂಡಿರುವ ಘಟನೆ ತಾಲ್ಲೂಕಿನ ಗ್ರಾಮವೊಂದರಲ್ಲಿ ನಡೆದಿದೆ. ಫಲಿತಾಂಶ ಪ್ರಕಟವಾದ ನಂತರ ಖಿನ್ನತೆಗೆ ಒಳಗಾಗಿದ್ದ ಎನ್ನಲಾಗಿದ್ದು, ಪೋಷಕರು ಮನೆಯಲ್ಲಿ ಇಲ್ಲದ ವೇಳೆ ಕೃತ್ಯ ಎಸಗಿದ್ದಾನೆ. ಪ್ರಕರಣ ದಾಖಲಾಗಿದೆ.
ಡಾ.ಹೆಚ್.ಎಸ್.ನಿಂಗಪ್ಪ ನಿಧನ
ಹಾಸನ, ಮೇ 10- ಕೃಷಿ ವಿಜ್ಞಾನಿ ಹಾಗೂ ಹಿರಿಯ ಸಹಕಾರಿ ಧುರೀಣ ಡಾ.ಹೆಚ್.ಎಸ್.ನಿಂಗಪ್ಪ(83) ಅನಾರೋಗ್ಯದಿಂದ ಬೆಂಗಳೂರಿನ ಖಾಸಗಿ ಆಸ್ಪತ್ರೆಯಲ್ಲಿ ನಿಧನರಾದರು. ನಿಂಗಪ್ಪ ಅವರು ಕೃಷಿ ವಿಶ್ವವಿದ್ಯಾಲಯದಲ್ಲಿ ಪ್ರಾಧ್ಯಾಪಕರಾಗಿ ಸೇವೆ ಸಲ್ಲಿಸಿ ನಿವೃತ್ತರಾಗಿದ್ದರು. ಮೃತರು ಪತ್ನಿ, ಇಬ್ಬರು ಪುತ್ರರು ಹಾಗೂ ಅಪಾರ ಬಂಧುಗಳನ್ನು ಅಗಲಿದ್ದಾರೆ. ಅಂತ್ಯಕ್ರಿಯೆ ಸ್ವಗ್ರಾಮದಲ್ಲಿ ನೆರವೇರಿಸಲಾಯಿತು. ಗಣ್ಯರು ಸಂತಾಪ ಸೂಚಿಸಿದ್ದಾರೆ.
